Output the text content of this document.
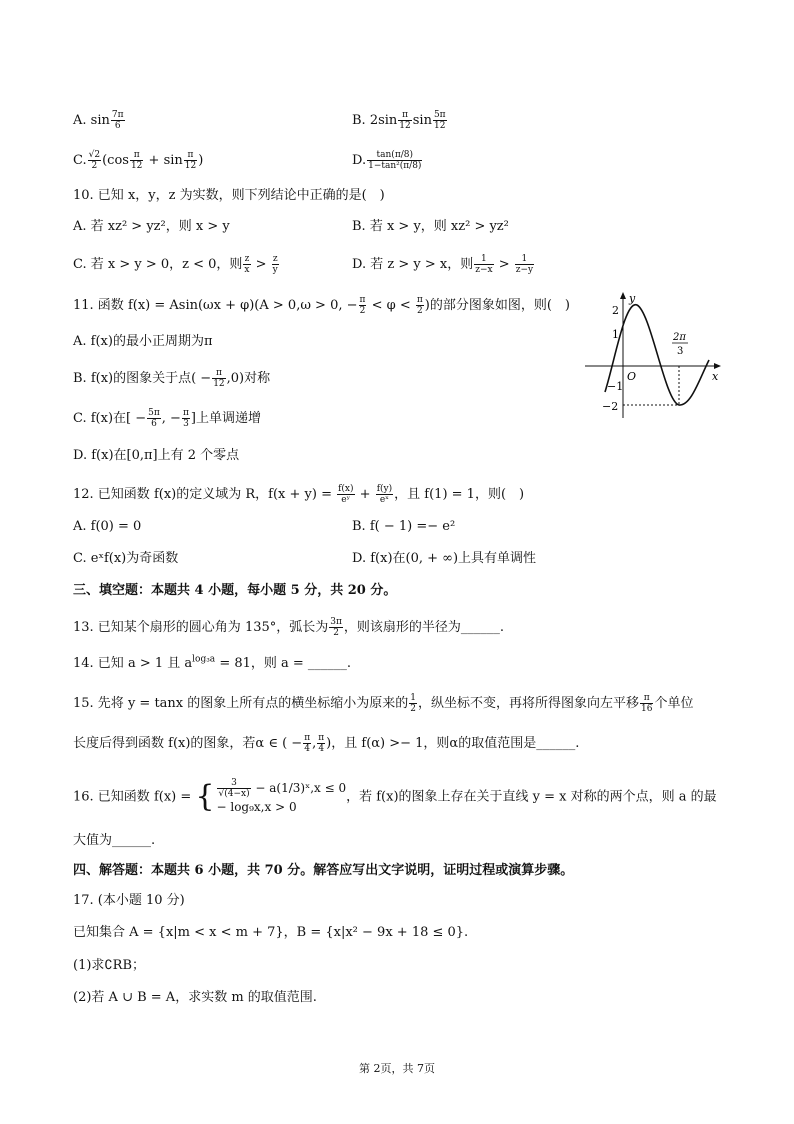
A. $\sin \frac{7\pi}{6}$	B. $2\sin \frac{\pi}{12}$ $\sin \frac{5\pi}{12}$
C. $\frac{√2}{2} (\cos \frac{\pi}{12} + \sin \frac{\pi}{12}$ )	D. $\frac{\tan(\pi/8)}{\text{1−tan²(π/8)}}$
10. 已知 x，y，z 为实数，则下列结论中正确的是(　)
A. 若 xz² > yz²，则 x > y	B. 若 x > y，则 xz² > yz²
C. 若 x > y > 0，z < 0，则 $\frac{z}{x} > \frac{z}{y}$	D. 若 z > y > x，则 $\frac{1}{z-x} > \frac{1}{z-y}$
11. 函数 f(x) = Asin(ωx + φ)(A > 0,ω > 0, − $\frac{\pi}{2} < \varphi < \frac{\pi}{2}$ )的部分图象如图，则(　)
A. f(x)的最小正周期为π
B. f(x)的图象关于点( − $\frac{\pi}{12} ,0$)对称
C. f(x)在[ − $\frac{5\pi}{6}$ , − $\frac{\pi}{3}$ ]上单调递增
D. f(x)在[0,π]上有 2 个零点
y
x
O
2
1
−1
−2
2π
3
12. 已知函数 f(x)的定义域为 R，$f(x + y) = \frac{f(x)}{\text{eʸ}} + \frac{f(y)}{\text{eˣ}}$ ，且 f(1) = 1，则(　)
A. f(0) = 0	B. f( − 1) =− e²
C. eˣf(x)为奇函数	D. f(x)在(0, + ∞)上具有单调性
三、填空题：本题共 4 小题，每小题 5 分，共 20 分。
13. 已知某个扇形的圆心角为 135°，弧长为 $\frac{3\pi}{2}$ ，则该扇形的半径为______.
14. 已知 a > 1 且 $a^{log_3a} = 81$，则 a = ______.
15. 先将 y = tanx 的图象上所有点的横坐标缩小为原来的 $\frac{1}{2}$ ，纵坐标不变，再将所得图象向左平移 $\frac{\pi}{16}$ 个单位
长度后得到函数 f(x)的图象，若α ∈ ( − $\frac{\pi}{4}$ , $\frac{\pi}{4}$ )，且 f(α) >− 1，则α的取值范围是______.
16. 已知函数 f(x) = { $\frac{3}{√(4-x)}$ − a(1/3)ˣ,x ≤ 0
− log₉x,x > 0
，若 f(x)的图象上存在关于直线 y = x 对称的两个点，则 a 的最
大值为______.
四、解答题：本题共 6 小题，共 70 分。解答应写出文字说明，证明过程或演算步骤。
17. (本小题 10 分)
已知集合 A = {x|m < x < m + 7}，B = {x|x² − 9x + 18 ≤ 0}.
(1)求∁RB；
(2)若 A ∪ B = A，求实数 m 的取值范围.
第 2页，共 7页
